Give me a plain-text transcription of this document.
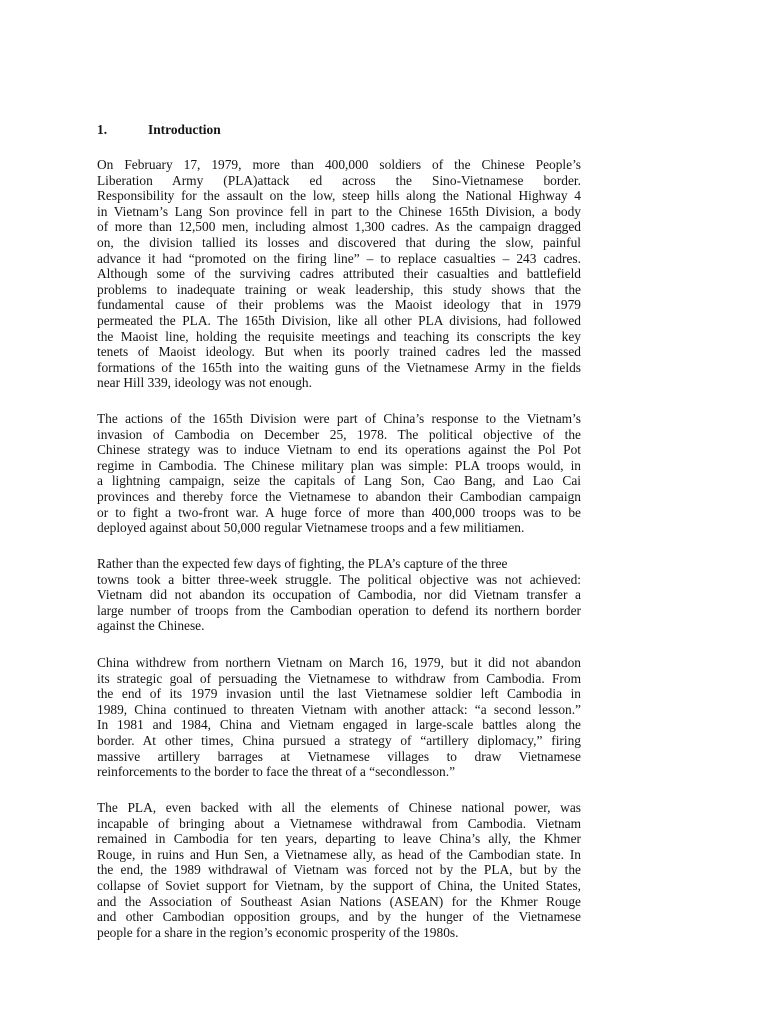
1.	Introduction

On February 17, 1979, more than 400,000 soldiers of the Chinese People’s
Liberation Army (PLA)attack ed across the Sino-Vietnamese border.
Responsibility for the assault on the low, steep hills along the National Highway 4
in Vietnam’s Lang Son province fell in part to the Chinese 165th Division, a body
of more than 12,500 men, including almost 1,300 cadres. As the campaign dragged
on, the division tallied its losses and discovered that during the slow, painful
advance it had “promoted on the firing line” – to replace casualties – 243 cadres.
Although some of the surviving cadres attributed their casualties and battlefield
problems to inadequate training or weak leadership, this study shows that the
fundamental cause of their problems was the Maoist ideology that in 1979
permeated the PLA. The 165th Division, like all other PLA divisions, had followed
the Maoist line, holding the requisite meetings and teaching its conscripts the key
tenets of Maoist ideology. But when its poorly trained cadres led the massed
formations of the 165th into the waiting guns of the Vietnamese Army in the fields
near Hill 339, ideology was not enough.

The actions of the 165th Division were part of China’s response to the Vietnam’s
invasion of Cambodia on December 25, 1978. The political objective of the
Chinese strategy was to induce Vietnam to end its operations against the Pol Pot
regime in Cambodia. The Chinese military plan was simple: PLA troops would, in
a lightning campaign, seize the capitals of Lang Son, Cao Bang, and Lao Cai
provinces and thereby force the Vietnamese to abandon their Cambodian campaign
or to fight a two-front war. A huge force of more than 400,000 troops was to be
deployed against about 50,000 regular Vietnamese troops and a few militiamen.

Rather than the expected few days of fighting, the PLA’s capture of the three
towns took a bitter three-week struggle. The political objective was not achieved:
Vietnam did not abandon its occupation of Cambodia, nor did Vietnam transfer a
large number of troops from the Cambodian operation to defend its northern border
against the Chinese.

China withdrew from northern Vietnam on March 16, 1979, but it did not abandon
its strategic goal of persuading the Vietnamese to withdraw from Cambodia. From
the end of its 1979 invasion until the last Vietnamese soldier left Cambodia in
1989, China continued to threaten Vietnam with another attack: “a second lesson.”
In 1981 and 1984, China and Vietnam engaged in large-scale battles along the
border. At other times, China pursued a strategy of “artillery diplomacy,” firing
massive artillery barrages at Vietnamese villages to draw Vietnamese
reinforcements to the border to face the threat of a “secondlesson.”

The PLA, even backed with all the elements of Chinese national power, was
incapable of bringing about a Vietnamese withdrawal from Cambodia. Vietnam
remained in Cambodia for ten years, departing to leave China’s ally, the Khmer
Rouge, in ruins and Hun Sen, a Vietnamese ally, as head of the Cambodian state. In
the end, the 1989 withdrawal of Vietnam was forced not by the PLA, but by the
collapse of Soviet support for Vietnam, by the support of China, the United States,
and the Association of Southeast Asian Nations (ASEAN) for the Khmer Rouge
and other Cambodian opposition groups, and by the hunger of the Vietnamese
people for a share in the region’s economic prosperity of the 1980s.
